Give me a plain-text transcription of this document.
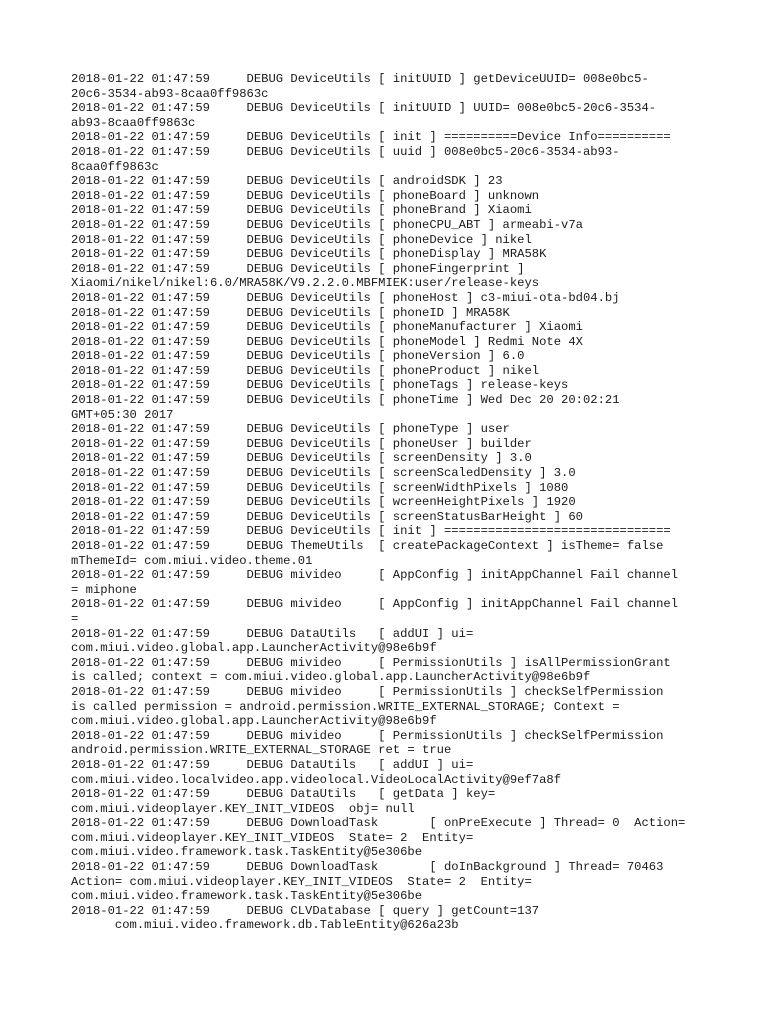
2018-01-22 01:47:59     DEBUG DeviceUtils [ initUUID ] getDeviceUUID= 008e0bc5-
20c6-3534-ab93-8caa0ff9863c
2018-01-22 01:47:59     DEBUG DeviceUtils [ initUUID ] UUID= 008e0bc5-20c6-3534-
ab93-8caa0ff9863c
2018-01-22 01:47:59     DEBUG DeviceUtils [ init ] ==========Device Info==========
2018-01-22 01:47:59     DEBUG DeviceUtils [ uuid ] 008e0bc5-20c6-3534-ab93-
8caa0ff9863c
2018-01-22 01:47:59     DEBUG DeviceUtils [ androidSDK ] 23
2018-01-22 01:47:59     DEBUG DeviceUtils [ phoneBoard ] unknown
2018-01-22 01:47:59     DEBUG DeviceUtils [ phoneBrand ] Xiaomi
2018-01-22 01:47:59     DEBUG DeviceUtils [ phoneCPU_ABT ] armeabi-v7a
2018-01-22 01:47:59     DEBUG DeviceUtils [ phoneDevice ] nikel
2018-01-22 01:47:59     DEBUG DeviceUtils [ phoneDisplay ] MRA58K
2018-01-22 01:47:59     DEBUG DeviceUtils [ phoneFingerprint ]
Xiaomi/nikel/nikel:6.0/MRA58K/V9.2.2.0.MBFMIEK:user/release-keys
2018-01-22 01:47:59     DEBUG DeviceUtils [ phoneHost ] c3-miui-ota-bd04.bj
2018-01-22 01:47:59     DEBUG DeviceUtils [ phoneID ] MRA58K
2018-01-22 01:47:59     DEBUG DeviceUtils [ phoneManufacturer ] Xiaomi
2018-01-22 01:47:59     DEBUG DeviceUtils [ phoneModel ] Redmi Note 4X
2018-01-22 01:47:59     DEBUG DeviceUtils [ phoneVersion ] 6.0
2018-01-22 01:47:59     DEBUG DeviceUtils [ phoneProduct ] nikel
2018-01-22 01:47:59     DEBUG DeviceUtils [ phoneTags ] release-keys
2018-01-22 01:47:59     DEBUG DeviceUtils [ phoneTime ] Wed Dec 20 20:02:21
GMT+05:30 2017
2018-01-22 01:47:59     DEBUG DeviceUtils [ phoneType ] user
2018-01-22 01:47:59     DEBUG DeviceUtils [ phoneUser ] builder
2018-01-22 01:47:59     DEBUG DeviceUtils [ screenDensity ] 3.0
2018-01-22 01:47:59     DEBUG DeviceUtils [ screenScaledDensity ] 3.0
2018-01-22 01:47:59     DEBUG DeviceUtils [ screenWidthPixels ] 1080
2018-01-22 01:47:59     DEBUG DeviceUtils [ wcreenHeightPixels ] 1920
2018-01-22 01:47:59     DEBUG DeviceUtils [ screenStatusBarHeight ] 60
2018-01-22 01:47:59     DEBUG DeviceUtils [ init ] ===============================
2018-01-22 01:47:59     DEBUG ThemeUtils  [ createPackageContext ] isTheme= false
mThemeId= com.miui.video.theme.01
2018-01-22 01:47:59     DEBUG mivideo     [ AppConfig ] initAppChannel Fail channel
= miphone
2018-01-22 01:47:59     DEBUG mivideo     [ AppConfig ] initAppChannel Fail channel
=
2018-01-22 01:47:59     DEBUG DataUtils   [ addUI ] ui=
com.miui.video.global.app.LauncherActivity@98e6b9f
2018-01-22 01:47:59     DEBUG mivideo     [ PermissionUtils ] isAllPermissionGrant
is called; context = com.miui.video.global.app.LauncherActivity@98e6b9f
2018-01-22 01:47:59     DEBUG mivideo     [ PermissionUtils ] checkSelfPermission
is called permission = android.permission.WRITE_EXTERNAL_STORAGE; Context =
com.miui.video.global.app.LauncherActivity@98e6b9f
2018-01-22 01:47:59     DEBUG mivideo     [ PermissionUtils ] checkSelfPermission
android.permission.WRITE_EXTERNAL_STORAGE ret = true
2018-01-22 01:47:59     DEBUG DataUtils   [ addUI ] ui=
com.miui.video.localvideo.app.videolocal.VideoLocalActivity@9ef7a8f
2018-01-22 01:47:59     DEBUG DataUtils   [ getData ] key=
com.miui.videoplayer.KEY_INIT_VIDEOS  obj= null
2018-01-22 01:47:59     DEBUG DownloadTask       [ onPreExecute ] Thread= 0  Action=
com.miui.videoplayer.KEY_INIT_VIDEOS  State= 2  Entity=
com.miui.video.framework.task.TaskEntity@5e306be
2018-01-22 01:47:59     DEBUG DownloadTask       [ doInBackground ] Thread= 70463
Action= com.miui.videoplayer.KEY_INIT_VIDEOS  State= 2  Entity=
com.miui.video.framework.task.TaskEntity@5e306be
2018-01-22 01:47:59     DEBUG CLVDatabase [ query ] getCount=137
com.miui.video.framework.db.TableEntity@626a23b
